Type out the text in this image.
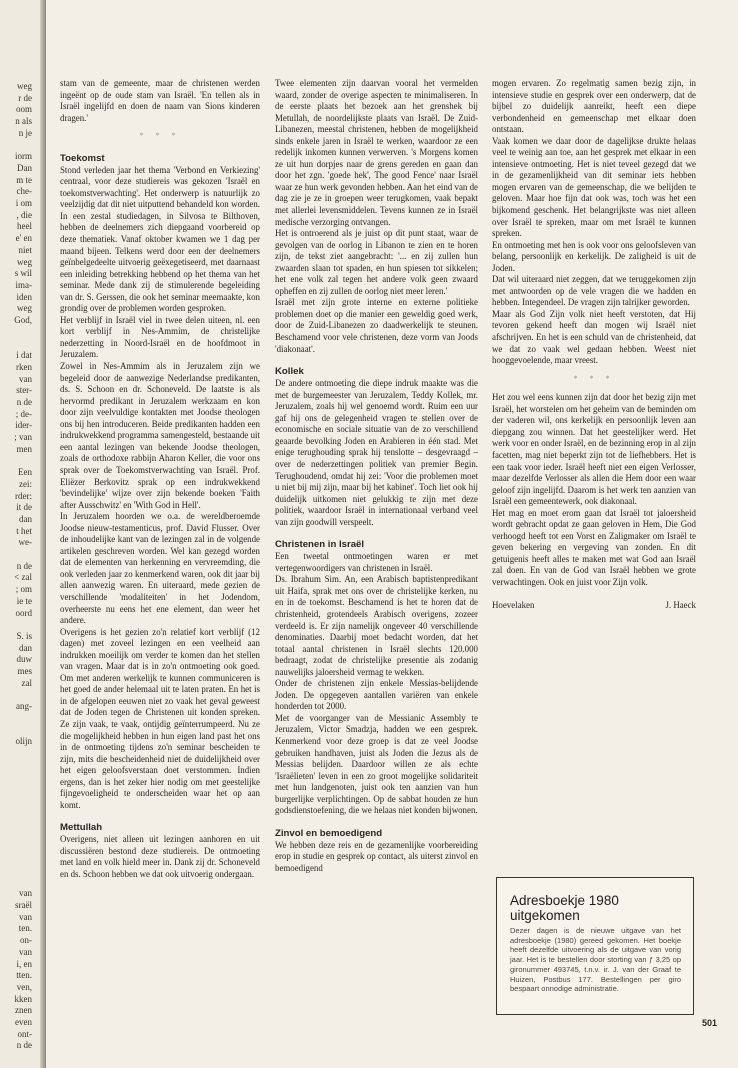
weg
r de
oom
n als
n je
iorm
Dan
m te
che-
i om
, die
heel
e' en
niet
weg
s wil
ima-
iden
weg
God,
i dat
rken
van
ster-
n de
; de-
ider-
; van
men
Een
zei:
rder:
it de
dan
t het
we-
n de
< zal
; om
ie te
oord
S. is
dan
duw
mes
zal
ang-
olijn
van
sraël
van
ten.
on-
van
i, en
tten.
ven,
kken
znen
even
ont-
n de

stam van de gemeente, maar de christenen werden ingeënt op de oude stam van Israël. 'En tellen als in Israël ingelijfd en doen de naam van Sions kinderen dragen.'

* * *

Toekomst

Stond verleden jaar het thema 'Verbond en Verkiezing' centraal, voor deze studiereis was gekozen 'Israël en toekomstverwachting'. Het onderwerp is natuurlijk zo veelzijdig dat dit niet uitputtend behandeld kon worden. In een zestal studiedagen, in Silvosa te Bilthoven, hebben de deelnemers zich diepgaand voorbereid op deze thematiek. Vanaf oktober kwamen we 1 dag per maand bijeen. Telkens werd door een der deelnemers geïnbelgedeelte uitvoerig geëxegetiseerd, met daarnaast een inleiding betrekking hebbend op het thema van het seminar. Mede dank zij de stimulerende begeleiding van dr. S. Gerssen, die ook het seminar meemaakte, kon grondig over de problemen worden gesproken.

Het verblijf in Israël viel in twee delen uiteen, nl. een kort verblijf in Nes-Ammim, de christelijke nederzetting in Noord-Israël en de hoofdmoot in Jeruzalem.

Zowel in Nes-Ammim als in Jeruzalem zijn we begeleid door de aanwezige Nederlandse predikanten, ds. S. Schoon en dr. Schoneveld. De laatste is als hervormd predikant in Jeruzalem werkzaam en kon door zijn veelvuldige kontakten met Joodse theologen ons bij hen introduceren. Beide predikanten hadden een indrukwekkend programma samengesteld, bestaande uit een aantal lezingen van bekende Joodse theologen, zoals de orthodoxe rabbijn Aharon Keller, die voor ons sprak over de Toekomstverwachting van Israël. Prof. Eliëzer Berkovitz sprak op een indrukwekkend 'bevindelijke' wijze over zijn bekende boeken 'Faith after Ausschwitz' en 'With God in Hell'.

In Jeruzalem hoorden we o.a. de wereldberoemde Joodse nieuw-testamenticus, prof. David Flusser. Over de inhoudelijke kant van de lezingen zal in de volgende artikelen geschreven worden. Wel kan gezegd worden dat de elementen van herkenning en vervreemding, die ook verleden jaar zo kenmerkend waren, ook dit jaar bij allen aanwezig waren. En uiteraard, mede gezien de verschillende 'modaliteiten' in het Jodendom, overheerste nu eens het ene element, dan weer het andere.

Overigens is het gezien zo'n relatief kort verblijf (12 dagen) met zoveel lezingen en een veelheid aan indrukken moeilijk om verder te komen dan het stellen van vragen. Maar dat is in zo'n ontmoeting ook goed. Om met anderen werkelijk te kunnen communiceren is het goed de ander helemaal uit te laten praten. En het is in de afgelopen eeuwen niet zo vaak het geval geweest dat de Joden tegen de Christenen uit konden spreken. Ze zijn vaak, te vaak, ontijdig geïnterrumpeerd. Nu ze die mogelijkheid hebben in hun eigen land past het ons in de ontmoeting tijdens zo'n seminar bescheiden te zijn, mits die bescheidenheid niet de duidelijkheid over het eigen geloofsverstaan doet verstommen. Indien ergens, dan is het zeker hier nodig om met geestelijke fijngevoeligheid te onderscheiden waar het op aan komt.

Mettullah

Overigens, niet alleen uit lezingen aanhoren en uit discussiëren bestond deze studiereis. De ontmoeting met land en volk hield meer in. Dank zij dr. Schoneveld en ds. Schoon hebben we dat ook uitvoerig ondergaan.

Twee elementen zijn daarvan vooral het vermelden waard, zonder de overige aspecten te minimaliseren. In de eerste plaats het bezoek aan het grenshek bij Metullah, de noordelijkste plaats van Israël. De Zuid-Libanezen, meestal christenen, hebben de mogelijkheid sinds enkele jaren in Israël te werken, waardoor ze een redelijk inkomen kunnen verwerven. 's Morgens komen ze uit hun dorpjes naar de grens gereden en gaan dan door het zgn. 'goede hek', The good Fence' naar Israël waar ze hun werk gevonden hebben. Aan het eind van de dag zie je ze in groepen weer terugkomen, vaak bepakt met allerlei levensmiddelen. Tevens kunnen ze in Israël medische verzorging ontvangen.

Het is ontroerend als je juist op dit punt staat, waar de gevolgen van de oorlog in Libanon te zien en te horen zijn, de tekst ziet aangebracht: '... en zij zullen hun zwaarden slaan tot spaden, en hun spiesen tot sikkelen; het ene volk zal tegen het andere volk geen zwaard opheffen en zij zullen de oorlog niet meer leren.'

Israël met zijn grote interne en externe politieke problemen doet op die manier een geweldig goed werk, door de Zuid-Libanezen zo daadwerkelijk te steunen. Beschamend voor vele christenen, deze vorm van Joods 'diakonaat'.

Kollek

De andere ontmoeting die diepe indruk maakte was die met de burgemeester van Jeruzalem, Teddy Kollek, mr. Jeruzalem, zoals hij wel genoemd wordt. Ruim een uur gaf hij ons de gelegenheid vragen te stellen over de economische en sociale situatie van de zo verschillend geaarde bevolking Joden en Arabieren in één stad. Met enige terughouding sprak hij tenslotte – desgevraagd – over de nederzettingen politiek van premier Begin. Terughoudend, omdat hij zei: 'Voor die problemen moet u niet bij mij zijn, maar bij het kabinet'. Toch liet ook hij duidelijk uitkomen niet gelukkig te zijn met deze politiek, waardoor Israël in internationaal verband veel van zijn goodwill verspeelt.

Christenen in Israël

Een tweetal ontmoetingen waren er met vertegenwoordigers van christenen in Israël.

Ds. Ibrahum Sim. An, een Arabisch baptistenpredikant uit Haifa, sprak met ons over de christelijke kerken, nu en in de toekomst. Beschamend is het te horen dat de christenheid, grotendeels Arabisch overigens, zozeer verdeeld is. Er zijn namelijk ongeveer 40 verschillende denominaties. Daarbij moet bedacht worden, dat het totaal aantal christenen in Israël slechts 120.000 bedraagt, zodat de christelijke presentie als zodanig nauwelijks jaloersheid vermag te wekken.

Onder de christenen zijn enkele Messias-belijdende Joden. De opgegeven aantallen variëren van enkele honderden tot 2000.

Met de voorganger van de Messianic Assembly te Jeruzalem, Victor Smadzja, hadden we een gesprek. Kenmerkend voor deze groep is dat ze veel Joodse gebruiken handhaven, juist als Joden die Jezus als de Messias belijden. Daardoor willen ze als echte 'Israëlieten' leven in een zo groot mogelijke solidariteit met hun landgenoten, juist ook ten aanzien van hun burgerlijke verplichtingen. Op de sabbat houden ze hun godsdienstoefening, die we helaas niet konden bijwonen.

Zinvol en bemoedigend

We hebben deze reis en de gezamenlijke voorbereiding erop in studie en gesprek op contact, als uiterst zinvol en bemoedigend

mogen ervaren. Zo regelmatig samen bezig zijn, in intensieve studie en gesprek over een onderwerp, dat de bijbel zo duidelijk aanreikt, heeft een diepe verbondenheid en gemeenschap met elkaar doen ontstaan.

Vaak komen we daar door de dagelijkse drukte helaas veel te weinig aan toe, aan het gesprek met elkaar in een intensieve ontmoeting. Het is niet teveel gezegd dat we in de gezamenlijkheid van dit seminar iets hebben mogen ervaren van de gemeenschap, die we belijden te geloven. Maar hoe fijn dat ook was, toch was het een bijkomend geschenk. Het belangrijkste was niet alleen over Israël te spreken, maar om met Israël te kunnen spreken.

En ontmoeting met hen is ook voor ons geloofsleven van belang, persoonlijk en kerkelijk. De zaligheid is uit de Joden.

Dat wil uiteraard niet zeggen, dat we teruggekomen zijn met antwoorden op de vele vragen die we hadden en hebben. Integendeel. De vragen zijn talrijker geworden.

Maar als God Zijn volk niet heeft verstoten, dat Hij tevoren gekend heeft dan mogen wij Israël niet afschrijven. En het is een schuld van de christenheid, dat we dat zo vaak wel gedaan hebben. Weest niet hooggevoelende, maar vreest.

* * *

Het zou wel eens kunnen zijn dat door het bezig zijn met Israël, het worstelen om het geheim van de beminden om der vaderen wil, ons kerkelijk en persoonlijk leven aan diepgang zou winnen. Dat het geestelijker werd. Het werk voor en onder Israël, en de bezinning erop in al zijn facetten, mag niet beperkt zijn tot de liefhebbers. Het is een taak voor ieder. Israël heeft niet een eigen Verlosser, maar dezelfde Verlosser als allen die Hem door een waar geloof zijn ingelijfd. Daarom is het werk ten aanzien van Israël een gemeentewerk, ook diakonaal.

Het mag en moet erom gaan dat Israël tot jaloersheid wordt gebracht opdat ze gaan geloven in Hem, Die God verhoogd heeft tot een Vorst en Zaligmaker om Israël te geven bekering en vergeving van zonden. En dit getuigenis heeft alles te maken met wat God aan Israël zal doen. En van de God van Israël hebben we grote verwachtingen. Ook en juist voor Zijn volk.

Hoevelaken	J. Haeck
Adresboekje 1980
uitgekomen
Dezer dagen is de nieuwe uitgave van het adresboekje (1980) gereed gekomen. Het boekje heeft dezelfde uitvoering als de uitgave van vorig jaar. Het is te bestellen door storting van ƒ 3,25 op gironummer 493745, t.n.v. ir. J. van der Graaf te Huizen, Postbus 177. Bestellingen per giro bespaart onnodige administratie.
501
